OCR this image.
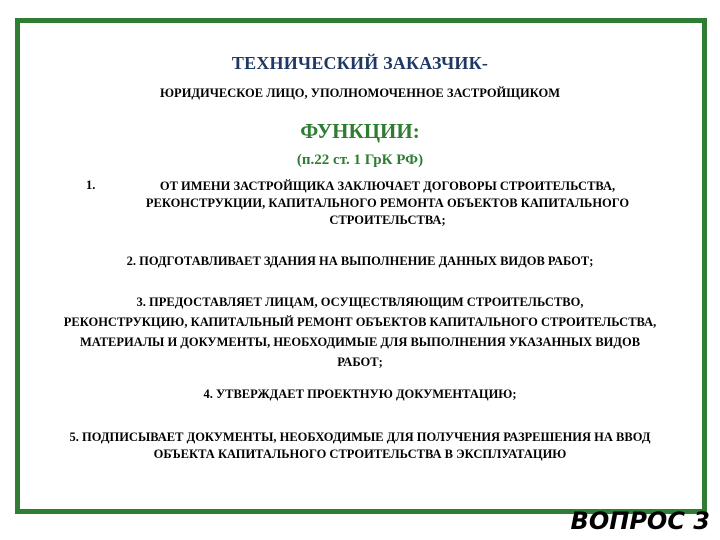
ТЕХНИЧЕСКИЙ ЗАКАЗЧИК-
ЮРИДИЧЕСКОЕ ЛИЦО, УПОЛНОМОЧЕННОЕ ЗАСТРОЙЩИКОМ
ФУНКЦИИ:
(п.22 ст. 1 ГрК РФ)
1.	ОТ ИМЕНИ ЗАСТРОЙЩИКА ЗАКЛЮЧАЕТ ДОГОВОРЫ СТРОИТЕЛЬСТВА,
РЕКОНСТРУКЦИИ, КАПИТАЛЬНОГО РЕМОНТА ОБЪЕКТОВ КАПИТАЛЬНОГО
СТРОИТЕЛЬСТВА;
2. ПОДГОТАВЛИВАЕТ ЗДАНИЯ НА ВЫПОЛНЕНИЕ ДАННЫХ ВИДОВ РАБОТ;
3. ПРЕДОСТАВЛЯЕТ ЛИЦАМ, ОСУЩЕСТВЛЯЮЩИМ СТРОИТЕЛЬСТВО,
РЕКОНСТРУКЦИЮ, КАПИТАЛЬНЫЙ РЕМОНТ ОБЪЕКТОВ КАПИТАЛЬНОГО СТРОИТЕЛЬСТВА,
МАТЕРИАЛЫ И ДОКУМЕНТЫ, НЕОБХОДИМЫЕ ДЛЯ ВЫПОЛНЕНИЯ УКАЗАННЫХ ВИДОВ
РАБОТ;
4. УТВЕРЖДАЕТ ПРОЕКТНУЮ ДОКУМЕНТАЦИЮ;
5. ПОДПИСЫВАЕТ ДОКУМЕНТЫ, НЕОБХОДИМЫЕ ДЛЯ ПОЛУЧЕНИЯ РАЗРЕШЕНИЯ НА ВВОД
ОБЪЕКТА КАПИТАЛЬНОГО СТРОИТЕЛЬСТВА В ЭКСПЛУАТАЦИЮ
ВОПРОС 3
